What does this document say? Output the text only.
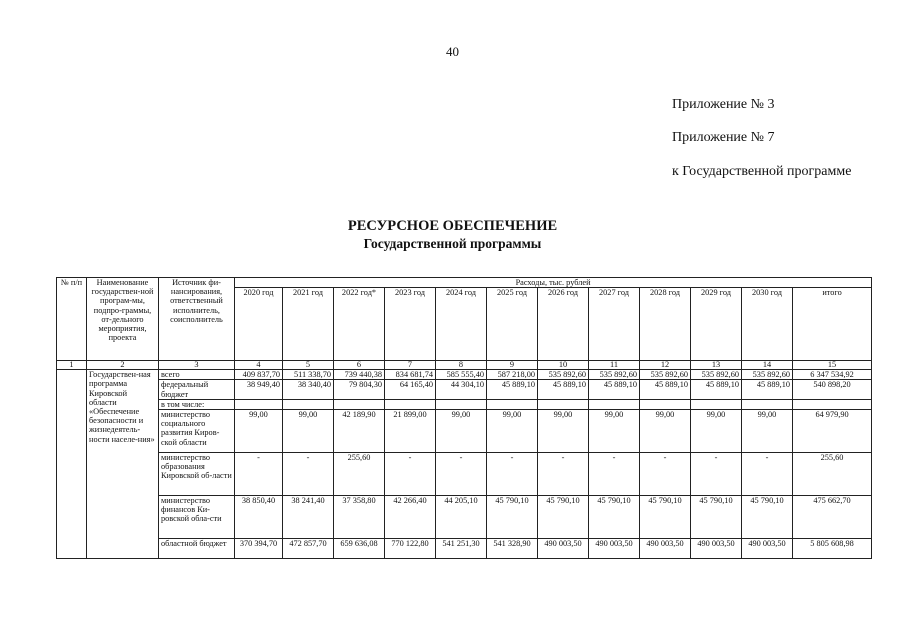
40
Приложение № 3
Приложение № 7
к Государственной программе
РЕСУРСНОЕ ОБЕСПЕЧЕНИЕ
Государственной программы
№ п/п	Наименование государствен-ной програм-мы, подпро-граммы, от-дельного мероприятия, проекта	Источник фи-нансирования, ответственный исполнитель, соисполнитель	Расходы, тыс. рублей											
			2020 год	2021 год	2022 год*	2023 год	2024 год	2025 год	2026 год	2027 год	2028 год	2029 год	2030 год	итого
1	2	3	4	5	6	7	8	9	10	11	12	13	14	15
	Государствен-ная программа Кировской области «Обеспечение безопасности и жизнедеятель-ности населе-ния»	всего	409 837,70	511 338,70	739 440,38	834 681,74	585 555,40	587 218,00	535 892,60	535 892,60	535 892,60	535 892,60	535 892,60	6 347 534,92
		федеральный бюджет	38 949,40	38 340,40	79 804,30	64 165,40	44 304,10	45 889,10	45 889,10	45 889,10	45 889,10	45 889,10	45 889,10	540 898,20
		в том числе:												
		министерство социального развития Киров-ской области	99,00	99,00	42 189,90	21 899,00	99,00	99,00	99,00	99,00	99,00	99,00	99,00	64 979,90
		министерство образования Кировской об-ласти	-	-	255,60	-	-	-	-	-	-	-	-	255,60
		министерство финансов Ки-ровской обла-сти	38 850,40	38 241,40	37 358,80	42 266,40	44 205,10	45 790,10	45 790,10	45 790,10	45 790,10	45 790,10	45 790,10	475 662,70
		областной бюджет	370 394,70	472 857,70	659 636,08	770 122,80	541 251,30	541 328,90	490 003,50	490 003,50	490 003,50	490 003,50	490 003,50	5 805 608,98
